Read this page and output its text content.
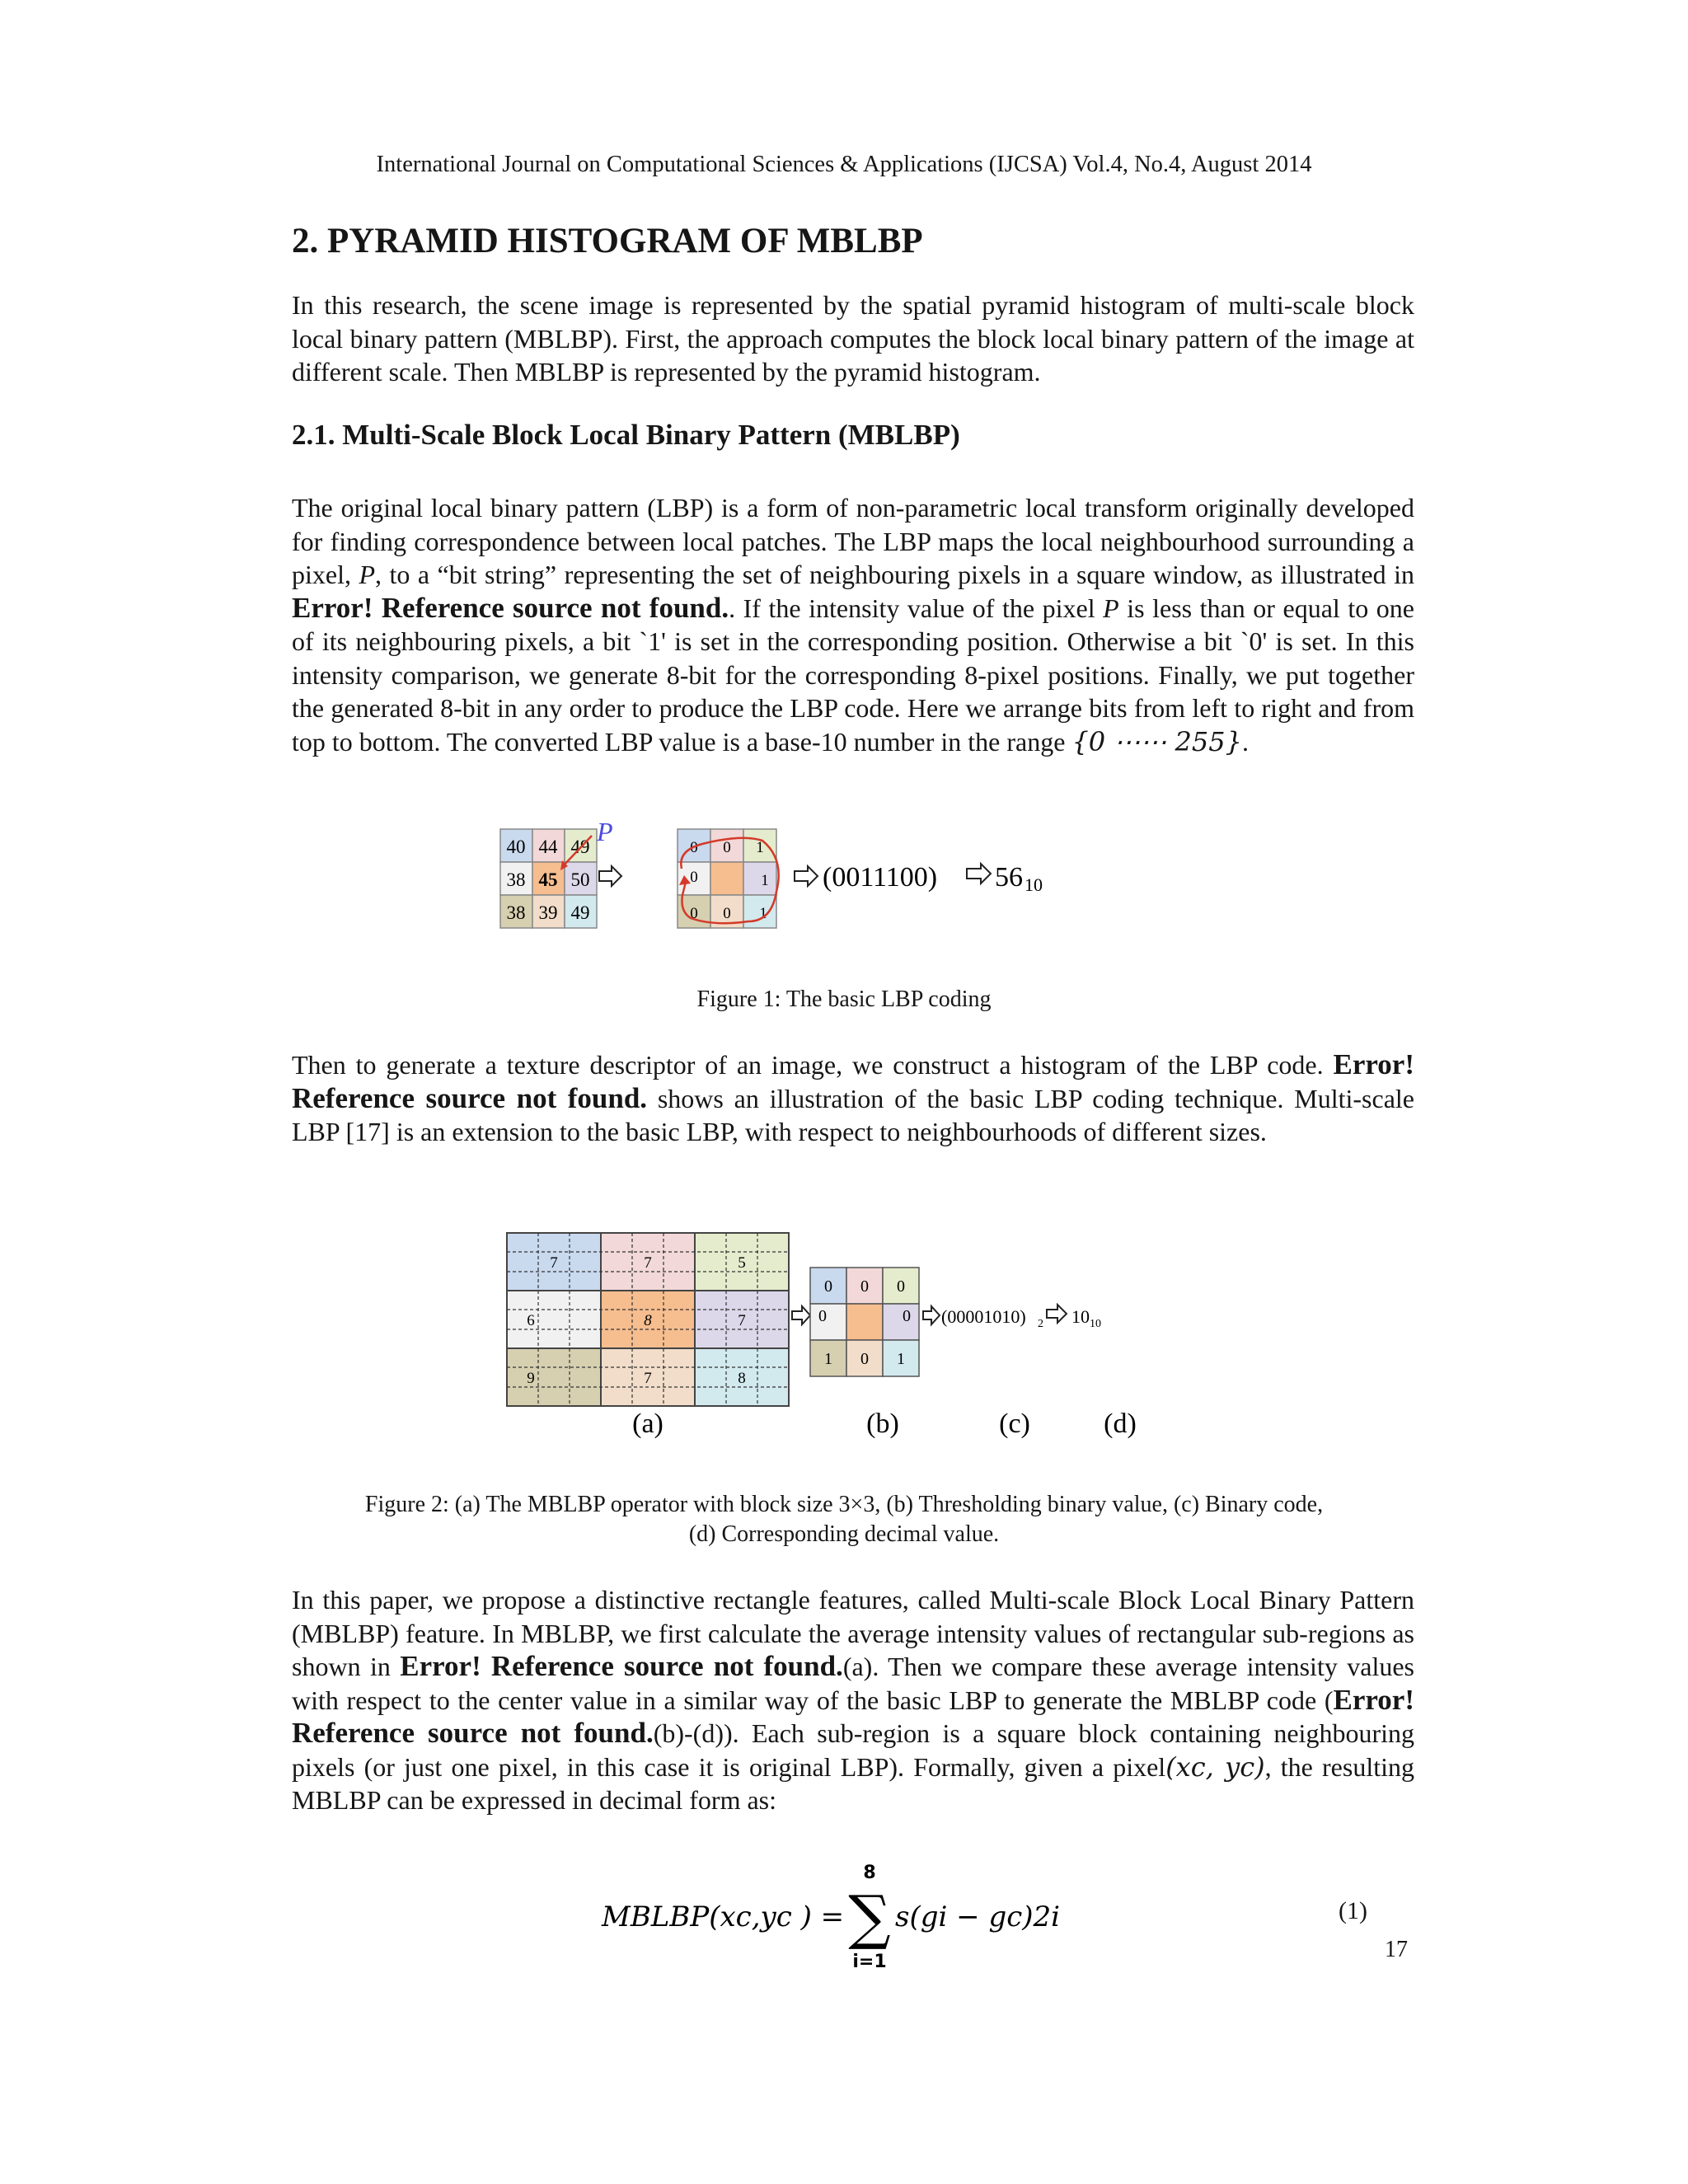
International Journal on Computational Sciences & Applications (IJCSA) Vol.4, No.4, August 2014
2. PYRAMID HISTOGRAM OF MBLBP

In this research, the scene image is represented by the spatial pyramid histogram of multi-scale block local binary pattern (MBLBP). First, the approach computes the block local binary pattern of the image at different scale. Then MBLBP is represented by the pyramid histogram.

2.1. Multi-Scale Block Local Binary Pattern (MBLBP)

The original local binary pattern (LBP) is a form of non-parametric local transform originally developed for finding correspondence between local patches. The LBP maps the local neighbourhood surrounding a pixel, P, to a “bit string” representing the set of neighbouring pixels in a square window, as illustrated in Error! Reference source not found.. If the intensity value of the pixel P is less than or equal to one of its neighbouring pixels, a bit `1' is set in the corresponding position. Otherwise a bit `0' is set. In this intensity comparison, we generate 8-bit for the corresponding 8-pixel positions. Finally, we put together the generated 8-bit in any order to produce the LBP code. Here we arrange bits from left to right and from top to bottom. The converted LBP value is a base-10 number in the range {0 ⋯⋯ 255}.

40 44 49
38 45 50
38 39 49
P
0 0 1
0	1
0 0 1
(0011100) 56 10
Figure 1: The basic LBP coding

Then to generate a texture descriptor of an image, we construct a histogram of the LBP code. Error! Reference source not found. shows an illustration of the basic LBP coding technique. Multi-scale LBP [17] is an extension to the basic LBP, with respect to neighbourhoods of different sizes.

7	7	5
6	8	7
9	7	8
0 0 0
0	0
1 0 1
(00001010) 2 10 10
(a)	(b)	(c)	(d)
Figure 2: (a) The MBLBP operator with block size 3×3, (b) Thresholding binary value, (c) Binary code,
(d) Corresponding decimal value.

In this paper, we propose a distinctive rectangle features, called Multi-scale Block Local Binary Pattern (MBLBP) feature. In MBLBP, we first calculate the average intensity values of rectangular sub-regions as shown in Error! Reference source not found.(a). Then we compare these average intensity values with respect to the center value in a similar way of the basic LBP to generate the MBLBP code (Error! Reference source not found.(b)-(d)). Each sub-region is a square block containing neighbouring pixels (or just one pixel, in this case it is original LBP). Formally, given a pixel(xc, yc), the resulting MBLBP can be expressed in decimal form as:

MBLBP(xc,yc ) =
8
∑
i=1
s(gi − gc)2i	(1)
17
